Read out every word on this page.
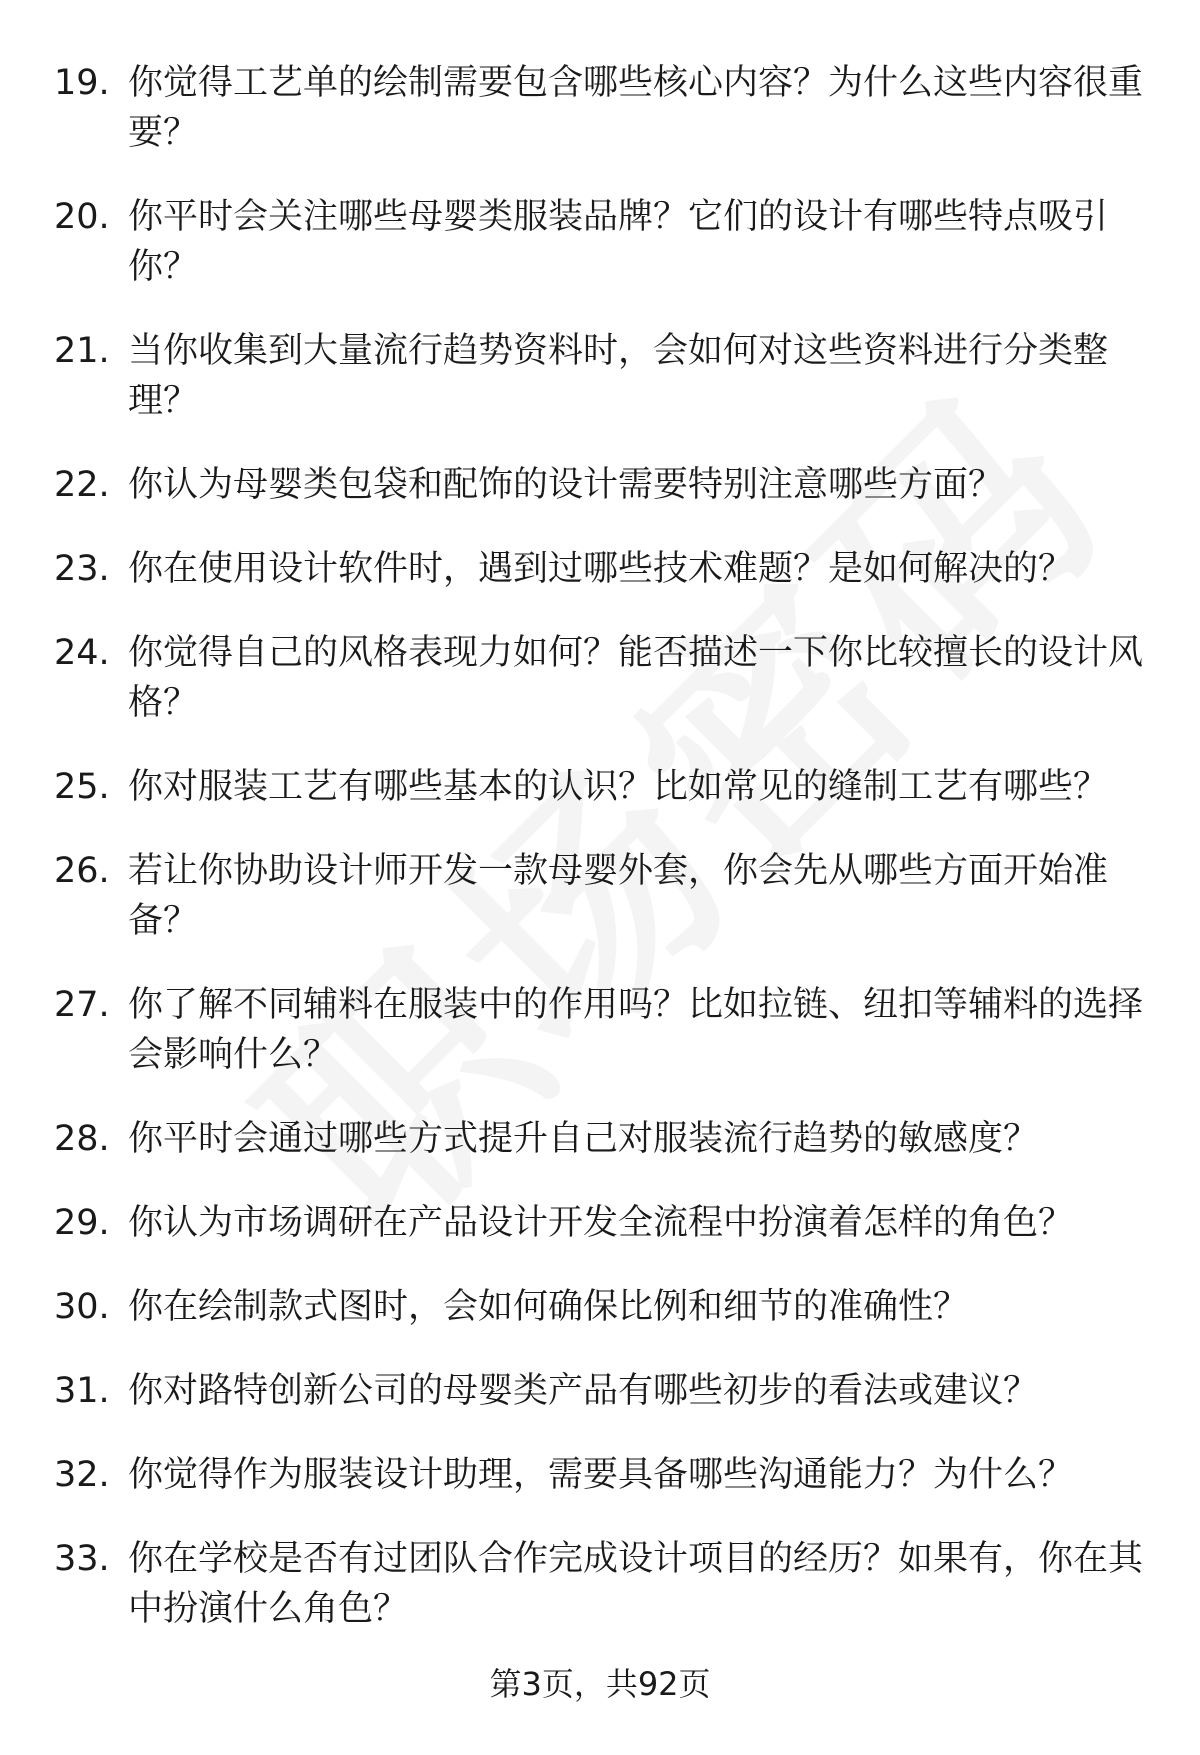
19. 你觉得工艺单的绘制需要包含哪些核心内容？为什么这些内容很重要？
20. 你平时会关注哪些母婴类服装品牌？它们的设计有哪些特点吸引你？
21. 当你收集到大量流行趋势资料时，会如何对这些资料进行分类整理？
22. 你认为母婴类包袋和配饰的设计需要特别注意哪些方面？
23. 你在使用设计软件时，遇到过哪些技术难题？是如何解决的？
24. 你觉得自己的风格表现力如何？能否描述一下你比较擅长的设计风格？
25. 你对服装工艺有哪些基本的认识？比如常见的缝制工艺有哪些？
26. 若让你协助设计师开发一款母婴外套，你会先从哪些方面开始准备？
27. 你了解不同辅料在服装中的作用吗？比如拉链、纽扣等辅料的选择会影响什么？
28. 你平时会通过哪些方式提升自己对服装流行趋势的敏感度？
29. 你认为市场调研在产品设计开发全流程中扮演着怎样的角色？
30. 你在绘制款式图时，会如何确保比例和细节的准确性？
31. 你对路特创新公司的母婴类产品有哪些初步的看法或建议？
32. 你觉得作为服装设计助理，需要具备哪些沟通能力？为什么？
33. 你在学校是否有过团队合作完成设计项目的经历？如果有，你在其中扮演什么角色？
第3页，共92页
